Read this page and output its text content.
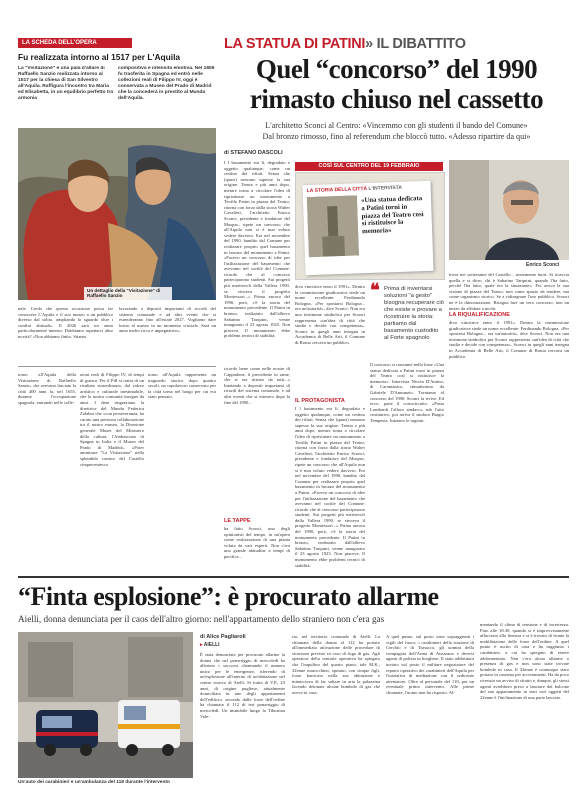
LA SCHEDA DELL'OPERA
Fu realizzata intorno al 1517 per L'Aquila
La "Visitazione" è una pala d'altare di Raffaello Sanzio realizzata intorno al 1517 per la chiesa di San Silvestro all'Aquila. Raffigura l'incontro tra Maria ed Elisabetta, in un equilibrio perfetto tra armonia
compositiva e intensità emotiva. Nel 1655 fu trasferita in Spagna ed entrò nelle collezioni reali di Filippo IV, oggi è conservata a Museo del Prado di Madrid che la concederà in prestito al Munda dell'Aquila.
Un dettaglio della "Visitazione" di Raffaello Sanzio
nale. Credo che questa occasione possa far conoscere L'Aquila e il suo museo a un pubblico diverso dal solito, ampliando lo sguardo oltre i confini abituali». Il 2026 sarà un anno particolarmente intenso. Dobbiamo aspettarci altre novità? «Non abbiamo finito. Stiamo
lavorando a depositi importanti di ricordi del sistema comunale e ad altri eventi che si estenderanno fino all'estate 2027. Vogliamo dare lustro al museo in un momento cruciale. Sarà un anno molto ricco e impegnativo».
torno all'Aquila della Visitazione di Raffaello Sanzio, che avevano lasciato la città 400 anni fa, nel 1655, durante l'occupazione spagnola, entrando nelle colle-
zioni reali di Filippo IV, di tempi di guerra. Per il PdI si tratta di un risultato straordinario, dal valore artistico e culturale inestimabile, che la nostra comunità insegue da anni. I dem ringraziano la direttrice del Munda Federica Zalabra che «con perseveranza, ha curato una preziosa collaborazione tra il nostro museo, la Direzione generale Musei del Ministero della cultura, l'Ambasciata di Spagna in Italia e il Museo del Prado di Madrid». «Poter ammirare "La Visitazione" nella splendida cornice del Castello cinquecentesco
torno all'Aquila rappresenta un traguardo storico dopo quattro secoli, un capolavoro conservato per la città torna nel luogo per cui era stato pensato.
LA STATUA DI PATINI» IL DIBATTITO
Quel “concorso” del 1990
rimasto chiuso nel cassetto
L'architetto Sconci al Centro: «Vincemmo con gli studenti il bando del Comune»
Dal bronzo rimosso, fino al referendum che bloccò tutto. «Adesso ripartire da qui»
di STEFANO DASCOLI
I l basamento era lì, degradato e oggetto qualunque, come un cestino dei rifiuti. Senza che (quasi) nessuno sapesse la sua origine. Trenta e più anni dopo, mentre torna a circolare l'idea di ripristinare un monumento a Teofilo Patini in piazza del Teatro, ritorna con forza dalla storia Walter Cavalieri, l'architetto Enrico Sconci, presidente e fondatore del Muspac, ripete un concorso che all'Aquila non si è mai voluto vedere davvero. Era nel novembre del 1990, bandito dal Comune per realizzare proprio quel basamento in bronzo del monumento a Patini. «Facevo un concorso di idee per l'utilizzazione del basamento che avevamo nel cortile del Comune: ricordo che al concorso parteciparono studenti. Sui progetti più meritevoli della Vallera 1990, se vinceva il progetto Montessori...» Prima ancora del 1990, però, c'è la storia del monumento precedente. Il Patini in bronzo, realizzato dall'allievo Sabatino Tarquini, venne inaugurato il 23 agosto 1925. Non piaceva. Il monumento ebbe problemi tecnici di stabilità.
ricordo bene come nelle nostre di Cappadone, il precedente in rame, che si era ritirato da tutti...» Iniziando a depositi importanti di ricordi del sistema comunale, e ad altri eventi che si estesero dopo la fine del 1990...
LE TAPPE
ha fatto Sconci, uno degli opinionisti del tempo, in un'opera come realizzazione di una pianta voluta da vari esperti. Non c'era una grande abitudine a tempi di pacifica...
COSÌ SUL CENTRO DEL 19 FEBBRAIO
LA STORIA DELLA CITTÀ L'INTERVISTA
«Una statua dedicata a Patini torni in piazza del Teatro così si ristituisce la memoria»
diva vincitrice entro il 1991». Dentro la commissione giudicatrice siede un nome eccellente: Ferdinando Bologna. «Per spostarsi Bologna... era un'autorità», dice Sconci. Non era una testimone simbolica per Sconci rappresenta «un'idea di città che studia e decide con competenza». Sconci in quegli anni insegna in Accademia di Belle Arti, il Comune di Roma cercava un pubblico.
IL PROTAGONISTA
I l basamento era lì, degradato e oggetto qualunque, come un cestino dei rifiuti. Senza che (quasi) nessuno sapesse la sua origine. Trenta e più anni dopo, mentre torna a circolare l'idea di ripristinare un monumento a Teofilo Patini in piazza del Teatro, ritorna con forza dalla storia Walter Cavalieri, l'architetto Enrico Sconci, presidente e fondatore del Muspac, ripete un concorso che all'Aquila non si è mai voluto vedere davvero. Era nel novembre del 1990, bandito dal Comune per realizzare proprio quel basamento in bronzo del monumento a Patini. «Facevo un concorso di idee per l'utilizzazione del basamento che avevamo nel cortile del Comune: ricordo che al concorso parteciparono studenti. Sui progetti più meritevoli della Vallera 1990, se vinceva il progetto Montessori...» Prima ancora del 1990, però, c'è la storia del monumento precedente. Il Patini in bronzo, realizzato dall'allievo Sabatino Tarquini, venne inaugurato il 23 agosto 1925. Non piaceva. Il monumento ebbe problemi tecnici di stabilità.
❝ Prima di inventarsi soluzioni "a gesto" bisogna recuperare ciò che esiste e provare a ricostruire la storia: partiamo dal basamento custodito al Forte spagnolo
Il concorso si riassume nella frase «Una statua dedicata a Patini torni in piazza del Teatro così si ristituisce la memoria». Intervista Nicola D'Antino, di Caramanico, stimatissimo da Gabriele D'Annunzio. Torniamo al concorso del 1990. Sconci la rivive. Ed ecco, parte il cortocircuito. «Pasta Lombardi l'allora sindaco» ndr l'atto costitutivo, poi arriva il sindaco Biagio Tempesta. Iniziano le ragioni.
Enrico Sconci
trova nei sotterranei del Castello... tristemente fuori. Si ricaccia quella e si dice» chi è Sabatino Tarquini, quando l'ha fatto, perché l'ha fatto, quale era la situazione». Poi arriva la sua visione di piazza del Teatro, non come spazio da rendere, ma come organismo storico. Se a ridisegnare l'uso pubblico. Sconci ne è la dimostrazione. Bisogna fare un vero concorso, non un pezzo da affidare a pochi.
LA RIQUALIFICAZIONE
diva vincitrice entro il 1991». Dentro la commissione giudicatrice siede un nome eccellente: Ferdinando Bologna. «Per spostarsi Bologna... era un'autorità», dice Sconci. Non era una testimone simbolica per Sconci rappresenta «un'idea di città che studia e decide con competenza». Sconci in quegli anni insegna in Accademia di Belle Arti, il Comune di Roma cercava un pubblico.
“Finta esplosione”: è procurato allarme
Aielli, donna denunciata per il caos dell'altro giorno: nell'appartamento dello straniero non c'era gas
Un'auto dei carabinieri e un'ambulanza del 118 durante l'intervento
di Alice Pagliaroli
▸ AIELLI
È stata denunciata per procurato allarme la donna che nel pomeriggio di mercoledì ha allertato i soccorsi chiamando il numero unico per le emergenze, riferendo di un'esplosione all'interno di un'abitazione nel centro storico di Aielli. Si tratta di V.P., 23 anni, di origine pugliese, attualmente domiciliata in uno degli appartamenti dell'edificio, secondo dalle forze dell'ordine ha chiamato il 112 di ieri pomeriggio di mercoledì. Un immobile lungo la Tiburtina Vale-
ria, nel territorio comunale di Aielli. La chiamata della donna al 112 ha portato all'immediata attivazione delle procedure di sicurezza previste in caso di fuga di gas. Agli operatori della centrale operativa ha spiegato che l'inquilino del quarto piano, tale M.K., 32enne marocchino, sposato, con cinque figli, fosse barricato nella sua abitazione e minacciava di far saltare in aria la palazzina facendo detonare alcune bombole di gas che aveva in casa.
A quel punto, sul posto sono sopraggiunti i vigili del fuoco, i carabinieri della stazione di Cerchio e di Trasacco, gli uomini della compagnia dell'Arma di Avezzano e diversi agenti di polizia in borghese. Il stato addirittura inviato sul posto il militare negoziatore del reparto operativo dei carabinieri dell'Aquila per l'iniziativa di mediazione con il sedicente attentatore. Oltre al personale del 118, per un eventuale primo intervento. Alle prime chiamate, l'uomo non ha risposto. Al-
mentando il clima di tensione e di incertezza. Fino alle 18.30, quando si è improvvisamente affacciato alla finestra e si è trovato di fronte la mobilitazione delle forze dell'ordine. A quel punto è uscito di casa e ha raggiunto i carabinieri, a cui ha spiegato di essere addormentato. Non c'era alcun allarme o presenza di gas e non sono state trovate bombole in casa. Il 32enne è comunque stato portato in caserma per accertamenti. Ha da poco ricevuto un avviso di sfratto e, dunque, gli stessi agenti avrebbero preso a lanciare dal balcone del suo appartamento in stati vari oggetti del 22enne è l'inclinazione di una parte lasciato.
